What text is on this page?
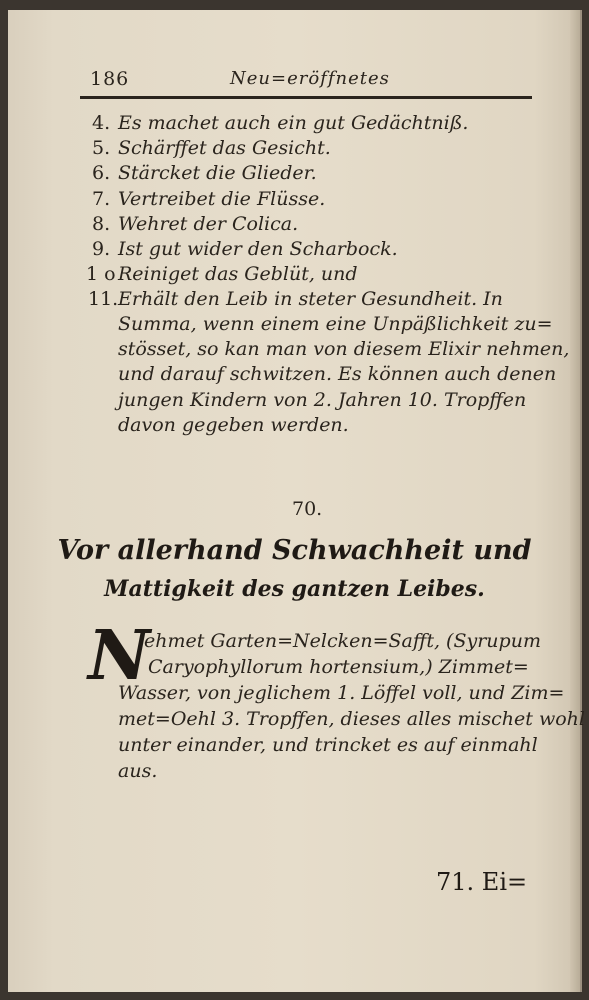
186	Neu=eröffnetes
4. Es machet auch ein gut Gedächtniß.
5. Schärffet das Gesicht.
6. Stärcket die Glieder.
7. Vertreibet die Flüsse.
8. Wehret der Colica.
9. Ist gut wider den Scharbock.
1 o Reiniget das Geblüt, und
11.Erhält den Leib in steter Gesundheit. In
Summa, wenn einem eine Unpäßlichkeit zu=
stösset, so kan man von diesem Elixir nehmen,
und darauf schwitzen. Es können auch denen
jungen Kindern von 2. Jahren 10. Tropffen
davon gegeben werden.
70.
Vor allerhand Schwachheit und
Mattigkeit des gantzen Leibes.
N
ehmet Garten=Nelcken=Safft, (Syrupum
Caryophyllorum hortensium,) Zimmet=
Wasser, von jeglichem 1. Löffel voll, und Zim=
met=Oehl 3. Tropffen, dieses alles mischet wohl
unter einander, und trincket es auf einmahl
aus.
71. Ei=
